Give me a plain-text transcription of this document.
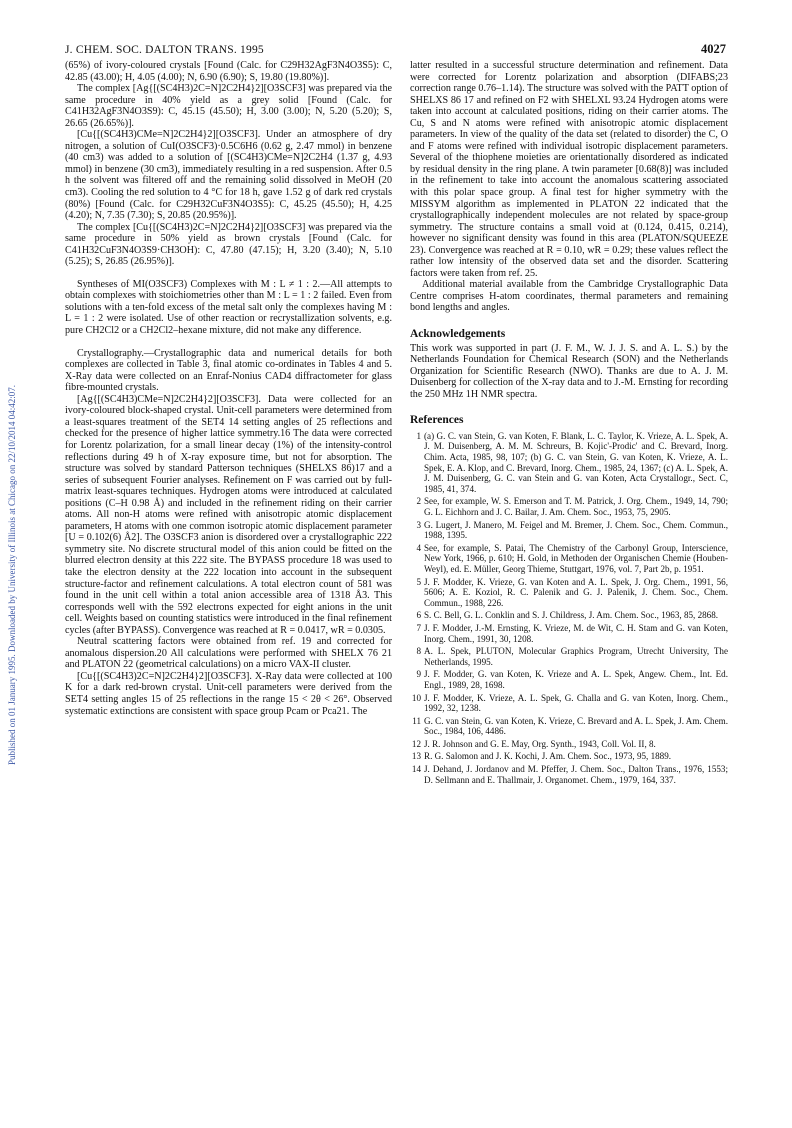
J. CHEM. SOC. DALTON TRANS. 1995	4027
Published on 01 January 1995. Downloaded by University of Illinois at Chicago on 22/10/2014 04:42:07.

(65%) of ivory-coloured crystals [Found (Calc. for C29H32AgF3N4O3S5): C, 42.85 (43.00); H, 4.05 (4.00); N, 6.90 (6.90); S, 19.80 (19.80%)].

The complex [Ag{[(SC4H3)2C=N]2C2H4}2][O3SCF3] was prepared via the same procedure in 40% yield as a grey solid [Found (Calc. for C41H32AgF3N4O3S9): C, 45.15 (45.50); H, 3.00 (3.00); N, 5.20 (5.20); S, 26.65 (26.65%)].

[Cu{[(SC4H3)CMe=N]2C2H4}2][O3SCF3]. Under an atmosphere of dry nitrogen, a solution of CuI(O3SCF3)·0.5C6H6 (0.62 g, 2.47 mmol) in benzene (40 cm3) was added to a solution of [(SC4H3)CMe=N]2C2H4 (1.37 g, 4.93 mmol) in benzene (30 cm3), immediately resulting in a red suspension. After 0.5 h the solvent was filtered off and the remaining solid dissolved in MeOH (20 cm3). Cooling the red solution to 4 °C for 18 h, gave 1.52 g of dark red crystals (80%) [Found (Calc. for C29H32CuF3N4O3S5): C, 45.25 (45.50); H, 4.25 (4.20); N, 7.35 (7.30); S, 20.85 (20.95%)].

The complex [Cu{[(SC4H3)2C=N]2C2H4}2][O3SCF3] was prepared via the same procedure in 50% yield as brown crystals [Found (Calc. for C41H32CuF3N4O3S9·CH3OH): C, 47.80 (47.15); H, 3.20 (3.40); N, 5.10 (5.25); S, 26.85 (26.95%)].

Syntheses of MI(O3SCF3) Complexes with M : L ≠ 1 : 2.—All attempts to obtain complexes with stoichiometries other than M : L = 1 : 2 failed. Even from solutions with a ten-fold excess of the metal salt only the complexes having M : L = 1 : 2 were isolated. Use of other reaction or recrystallization solvents, e.g. pure CH2Cl2 or a CH2Cl2–hexane mixture, did not make any difference.

Crystallography.—Crystallographic data and numerical details for both complexes are collected in Table 3, final atomic co-ordinates in Tables 4 and 5. X-Ray data were collected on an Enraf-Nonius CAD4 diffractometer for glass fibre-mounted crystals.

[Ag{[(SC4H3)CMe=N]2C2H4}2][O3SCF3]. Data were collected for an ivory-coloured block-shaped crystal. Unit-cell parameters were determined from a least-squares treatment of the SET4 14 setting angles of 25 reflections and checked for the presence of higher lattice symmetry.16 The data were corrected for Lorentz polarization, for a small linear decay (1%) of the intensity-control reflections during 49 h of X-ray exposure time, but not for absorption. The structure was solved by standard Patterson techniques (SHELXS 86)17 and a series of subsequent Fourier analyses. Refinement on F was carried out by full-matrix least-squares techniques. Hydrogen atoms were introduced at calculated positions (C–H 0.98 Å) and included in the refinement riding on their carrier atoms. All non-H atoms were refined with anisotropic atomic displacement parameters, H atoms with one common isotropic atomic displacement parameter [U = 0.102(6) Å2]. The O3SCF3 anion is disordered over a crystallographic 222 symmetry site. No discrete structural model of this anion could be fitted on the blurred electron density at this 222 site. The BYPASS procedure 18 was used to take the electron density at the 222 location into account in the subsequent structure-factor and refinement calculations. A total electron count of 581 was found in the unit cell within a total anion accessible area of 1318 Å3. This corresponds well with the 592 electrons expected for eight anions in the unit cell. Weights based on counting statistics were introduced in the final refinement cycles (after BYPASS). Convergence was reached at R = 0.0417, wR = 0.0305.

Neutral scattering factors were obtained from ref. 19 and corrected for anomalous dispersion.20 All calculations were performed with SHELX 76 21 and PLATON 22 (geometrical calculations) on a micro VAX-II cluster.

[Cu{[(SC4H3)2C=N]2C2H4}2][O3SCF3]. X-Ray data were collected at 100 K for a dark red-brown crystal. Unit-cell parameters were derived from the SET4 setting angles 15 of 25 reflections in the range 15 < 2θ < 26°. Observed systematic extinctions are consistent with space group Pcam or Pca21. The

latter resulted in a successful structure determination and refinement. Data were corrected for Lorentz polarization and absorption (DIFABS;23 correction range 0.76–1.14). The structure was solved with the PATT option of SHELXS 86 17 and refined on F2 with SHELXL 93.24 Hydrogen atoms were taken into account at calculated positions, riding on their carrier atoms. The Cu, S and N atoms were refined with anisotropic atomic displacement parameters. In view of the quality of the data set (related to disorder) the C, O and F atoms were refined with individual isotropic displacement parameters. Several of the thiophene moieties are orientationally disordered as indicated by residual density in the ring plane. A twin parameter [0.68(8)] was included in the refinement to take into account the anomalous scattering associated with this polar space group. A final test for higher symmetry with the MISSYM algorithm as implemented in PLATON 22 indicated that the crystallographically independent molecules are not related by space-group symmetry. The structure contains a small void at (0.124, 0.415, 0.214), however no significant density was found in this area (PLATON/SQUEEZE 23). Convergence was reached at R = 0.10, wR = 0.29; these values reflect the rather low intensity of the observed data set and the disorder. Scattering factors were taken from ref. 25.

Additional material available from the Cambridge Crystallographic Data Centre comprises H-atom coordinates, thermal parameters and remaining bond lengths and angles.

Acknowledgements

This work was supported in part (J. F. M., W. J. J. S. and A. L. S.) by the Netherlands Foundation for Chemical Research (SON) and the Netherlands Organization for Scientific Research (NWO). Thanks are due to A. J. M. Duisenberg for collection of the X-ray data and to J.-M. Ernsting for recording the 250 MHz 1H NMR spectra.

References
1 (a) G. C. van Stein, G. van Koten, F. Blank, L. C. Taylor, K. Vrieze, A. L. Spek, A. J. M. Duisenberg, A. M. M. Schreurs, B. Kojic'-Prodic' and C. Brevard, Inorg. Chim. Acta, 1985, 98, 107; (b) G. C. van Stein, G. van Koten, K. Vrieze, A. L. Spek, E. A. Klop, and C. Brevard, Inorg. Chem., 1985, 24, 1367; (c) A. L. Spek, A. J. M. Duisenberg, G. C. van Stein and G. van Koten, Acta Crystallogr., Sect. C, 1985, 41, 374.
2 See, for example, W. S. Emerson and T. M. Patrick, J. Org. Chem., 1949, 14, 790; G. L. Eichhorn and J. C. Bailar, J. Am. Chem. Soc., 1953, 75, 2905.
3 G. Lugert, J. Manero, M. Feigel and M. Bremer, J. Chem. Soc., Chem. Commun., 1988, 1395.
4 See, for example, S. Patai, The Chemistry of the Carbonyl Group, Interscience, New York, 1966, p. 610; H. Gold, in Methoden der Organischen Chemie (Houben-Weyl), ed. E. Müller, Georg Thieme, Stuttgart, 1976, vol. 7, Part 2b, p. 1951.
5 J. F. Modder, K. Vrieze, G. van Koten and A. L. Spek, J. Org. Chem., 1991, 56, 5606; A. E. Koziol, R. C. Palenik and G. J. Palenik, J. Chem. Soc., Chem. Commun., 1988, 226.
6 S. C. Bell, G. L. Conklin and S. J. Childress, J. Am. Chem. Soc., 1963, 85, 2868.
7 J. F. Modder, J.-M. Ernsting, K. Vrieze, M. de Wit, C. H. Stam and G. van Koten, Inorg. Chem., 1991, 30, 1208.
8 A. L. Spek, PLUTON, Molecular Graphics Program, Utrecht University, The Netherlands, 1995.
9 J. F. Modder, G. van Koten, K. Vrieze and A. L. Spek, Angew. Chem., Int. Ed. Engl., 1989, 28, 1698.
10 J. F. Modder, K. Vrieze, A. L. Spek, G. Challa and G. van Koten, Inorg. Chem., 1992, 32, 1238.
11 G. C. van Stein, G. van Koten, K. Vrieze, C. Brevard and A. L. Spek, J. Am. Chem. Soc., 1984, 106, 4486.
12 J. R. Johnson and G. E. May, Org. Synth., 1943, Coll. Vol. II, 8.
13 R. G. Salomon and J. K. Kochi, J. Am. Chem. Soc., 1973, 95, 1889.
14 J. Dehand, J. Jordanov and M. Pfeffer, J. Chem. Soc., Dalton Trans., 1976, 1553; D. Sellmann and E. Thallmair, J. Organomet. Chem., 1979, 164, 337.
